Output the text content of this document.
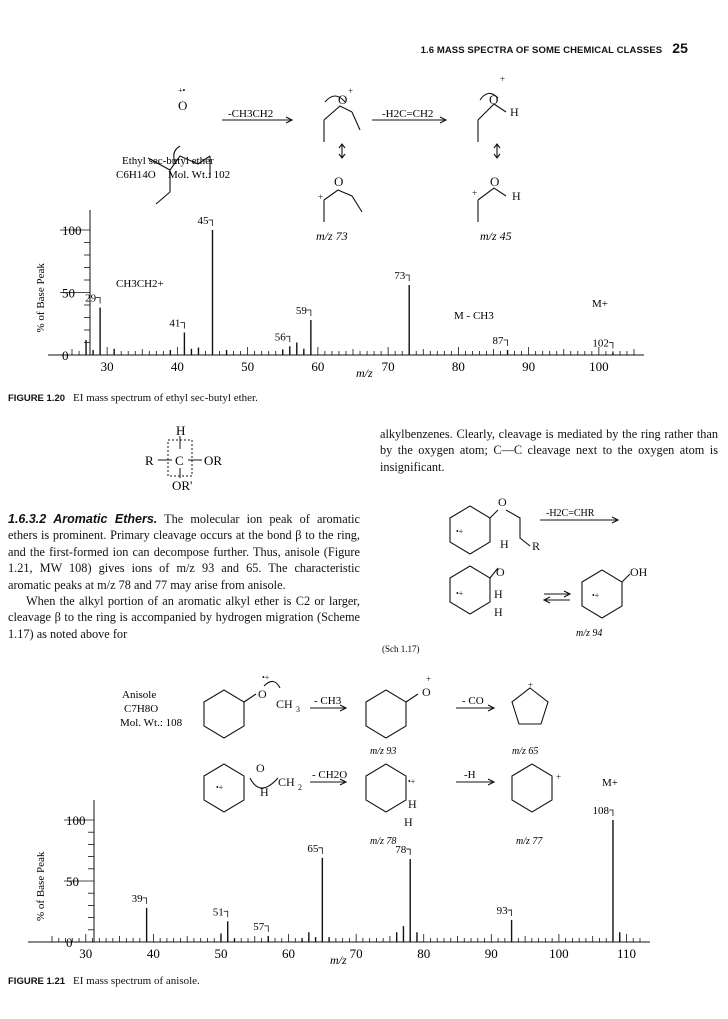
1.6 MASS SPECTRA OF SOME CHEMICAL CLASSES 25
O
+•
O
+
O
+
H
O
+
O
+	H
-CH3CH2	-H2C=CH2
Ethyl sec-butyl ether
C6H14O Mol. Wt.: 102
m/z 73	m/z 45
30	40	50	60	70	80	90	100
0
50
100
% of Base Peak
m/z
29
41
45
56
59
73
87	102
CH3CH2+
M - CH3
M+
FIGURE 1.20 EI mass spectrum of ethyl sec-butyl ether.
H
R C OR
OR'

1.6.3.2 Aromatic Ethers. The molecular ion peak of aromatic ethers is prominent. Primary cleavage occurs at the bond β to the ring, and the first-formed ion can decompose further. Thus, anisole (Figure 1.21, MW 108) gives ions of m/z 93 and 65. The characteristic aromatic peaks at m/z 78 and 77 may arise from anisole.

When the alkyl portion of an aromatic alkyl ether is C2 or larger, cleavage β to the ring is accompanied by hydrogen migration (Scheme 1.17) as noted above for

alkylbenzenes. Clearly, cleavage is mediated by the ring rather than by the oxygen atom; C—C cleavage next to the oxygen atom is insignificant.
O
•+
H R
O
•+	H
H
OH
•+
-H2C=CHR
m/z 94
(Sch 1.17)
O
CH 3
•+
O
+
+
O
CH 2
H
•+
•+
H
H
+
Anisole
C7H8O
Mol. Wt.: 108
- CH3	- CO
- CH2O	-H
m/z 93	m/z 65
m/z 78	m/z 77
M+
30	40	50	60	70	80	90	100	110
0
50
100
% of Base Peak
m/z
39
51
57
65	78
93
108
FIGURE 1.21 EI mass spectrum of anisole.
